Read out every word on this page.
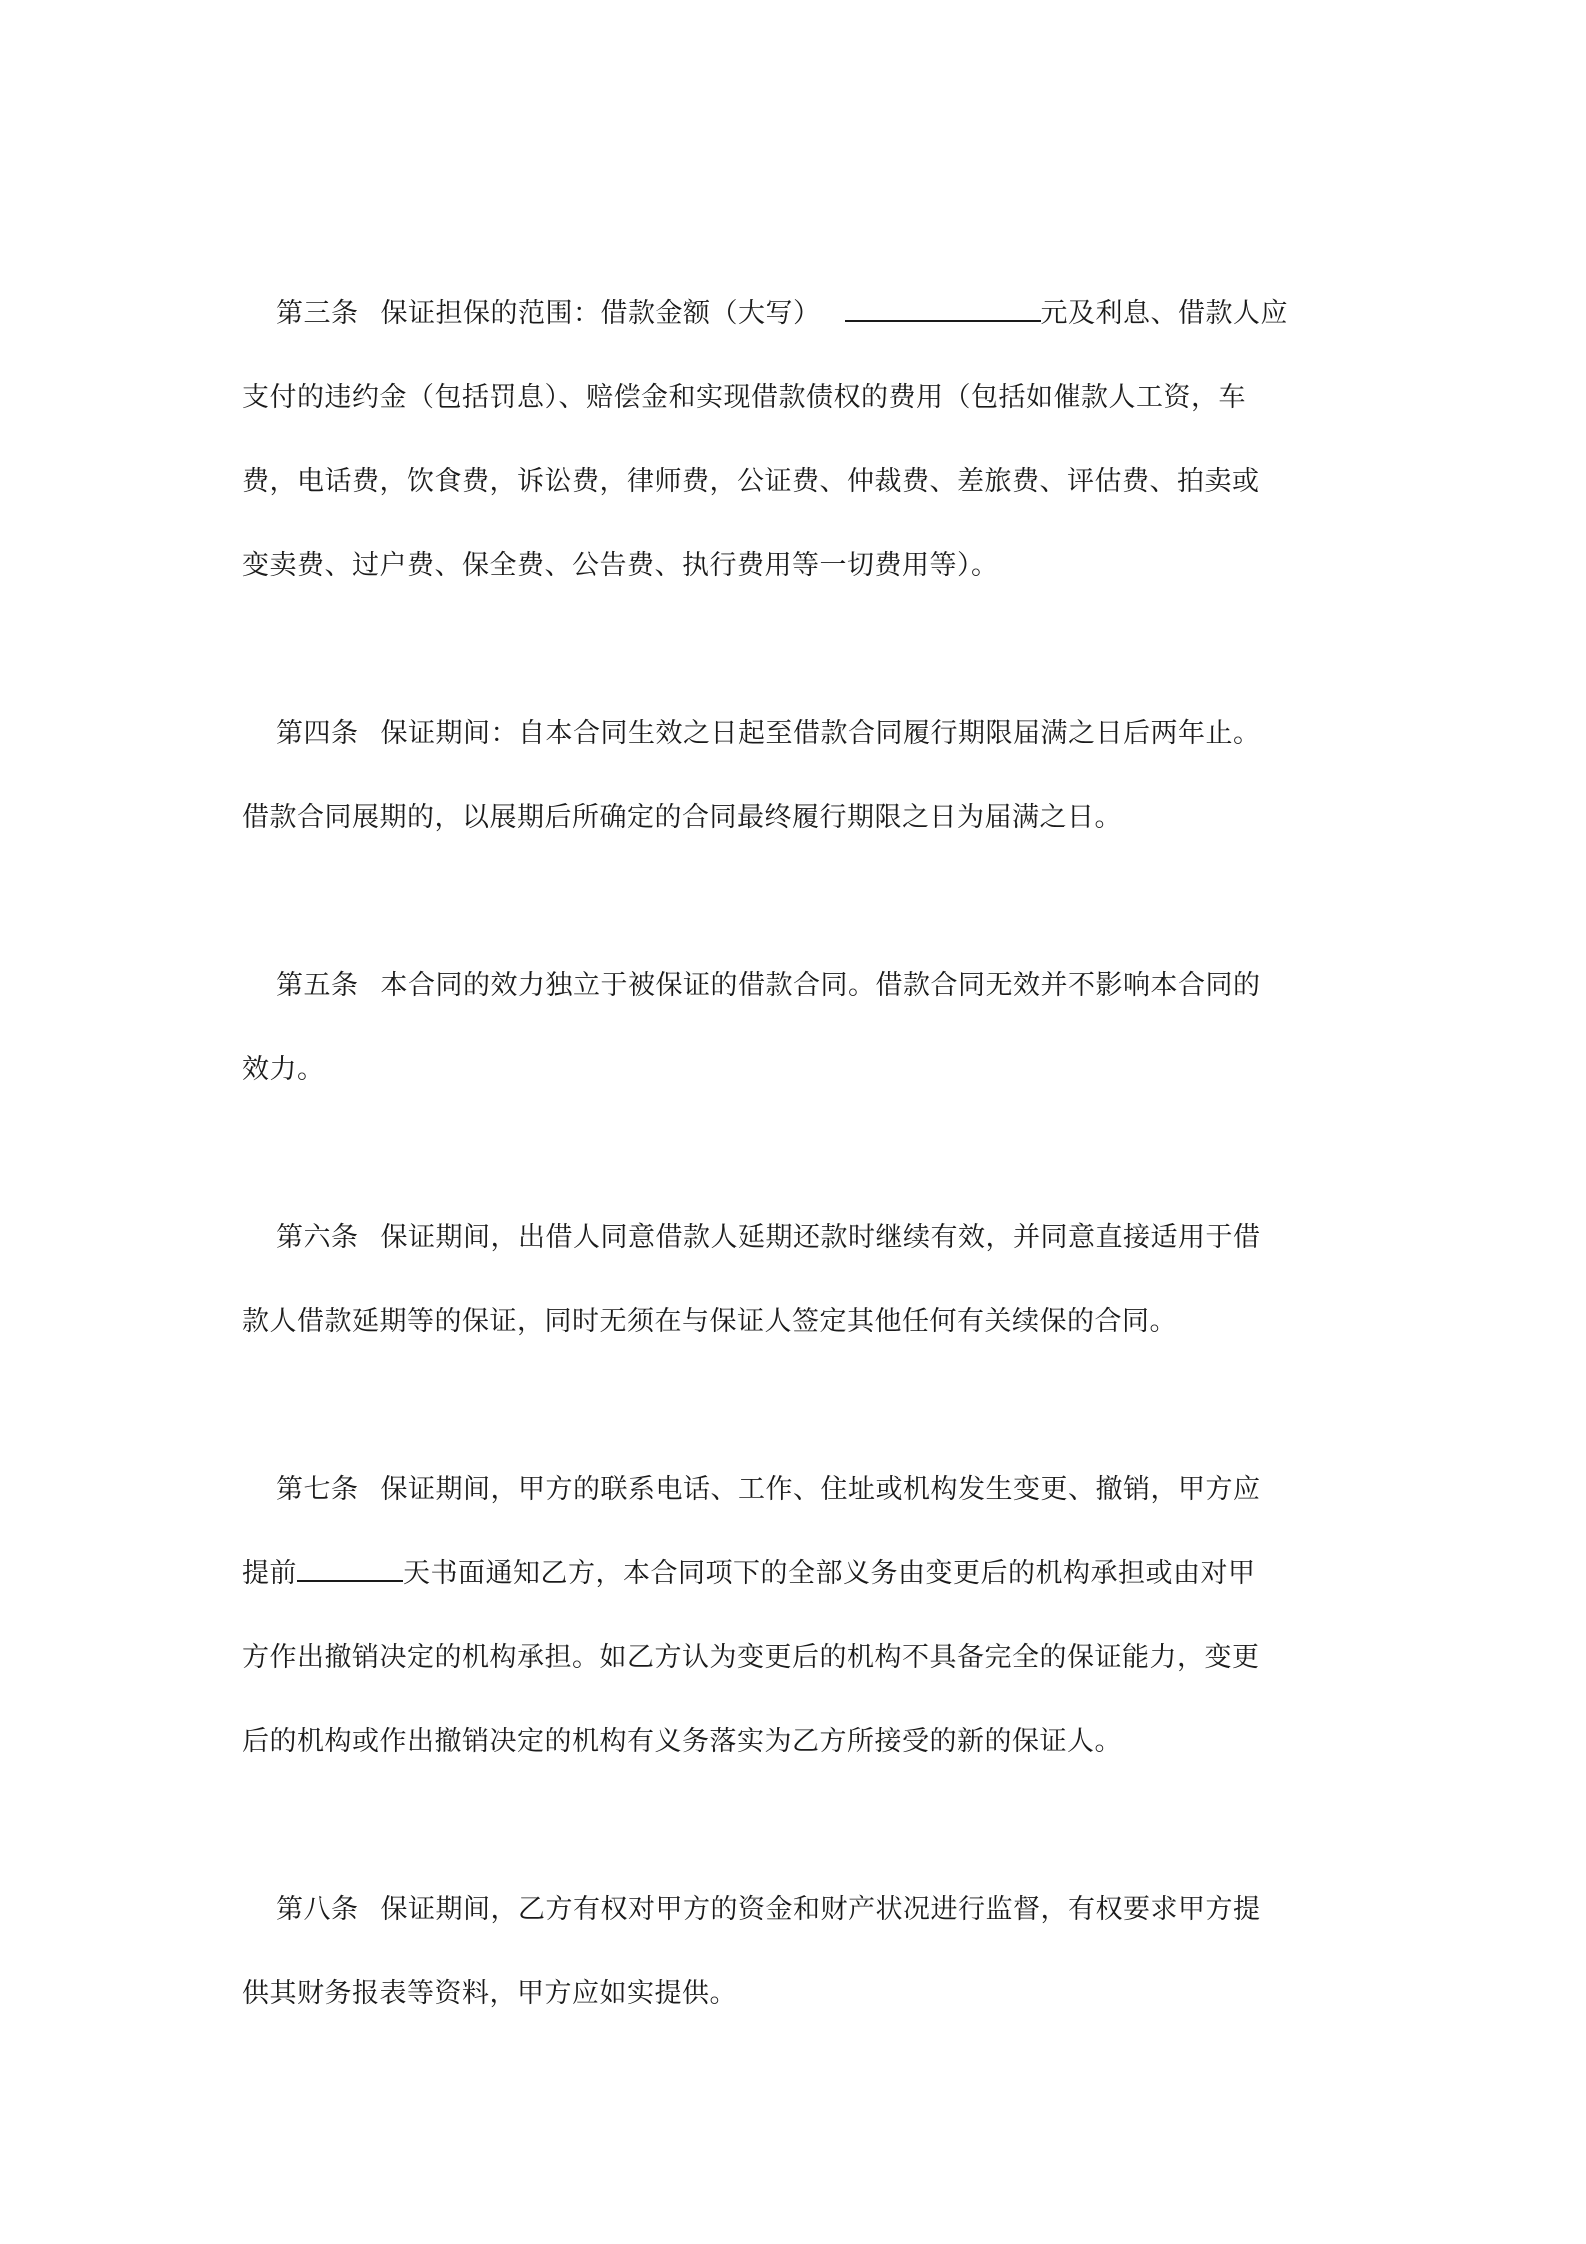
第三条 保证担保的范围：借款金额（大写）	元及利息、借款人应
支付的违约金（包括罚息）、赔偿金和实现借款债权的费用（包括如催款人工资，车
费，电话费，饮食费，诉讼费，律师费，公证费、仲裁费、差旅费、评估费、拍卖或
变卖费、过户费、保全费、公告费、执行费用等一切费用等）。
第四条 保证期间：自本合同生效之日起至借款合同履行期限届满之日后两年止。
借款合同展期的，以展期后所确定的合同最终履行期限之日为届满之日。
第五条 本合同的效力独立于被保证的借款合同。借款合同无效并不影响本合同的
效力。
第六条 保证期间，出借人同意借款人延期还款时继续有效，并同意直接适用于借
款人借款延期等的保证，同时无须在与保证人签定其他任何有关续保的合同。
第七条 保证期间，甲方的联系电话、工作、住址或机构发生变更、撤销，甲方应
提前	天书面通知乙方，本合同项下的全部义务由变更后的机构承担或由对甲
方作出撤销决定的机构承担。如乙方认为变更后的机构不具备完全的保证能力，变更
后的机构或作出撤销决定的机构有义务落实为乙方所接受的新的保证人。
第八条 保证期间，乙方有权对甲方的资金和财产状况进行监督，有权要求甲方提
供其财务报表等资料，甲方应如实提供。
